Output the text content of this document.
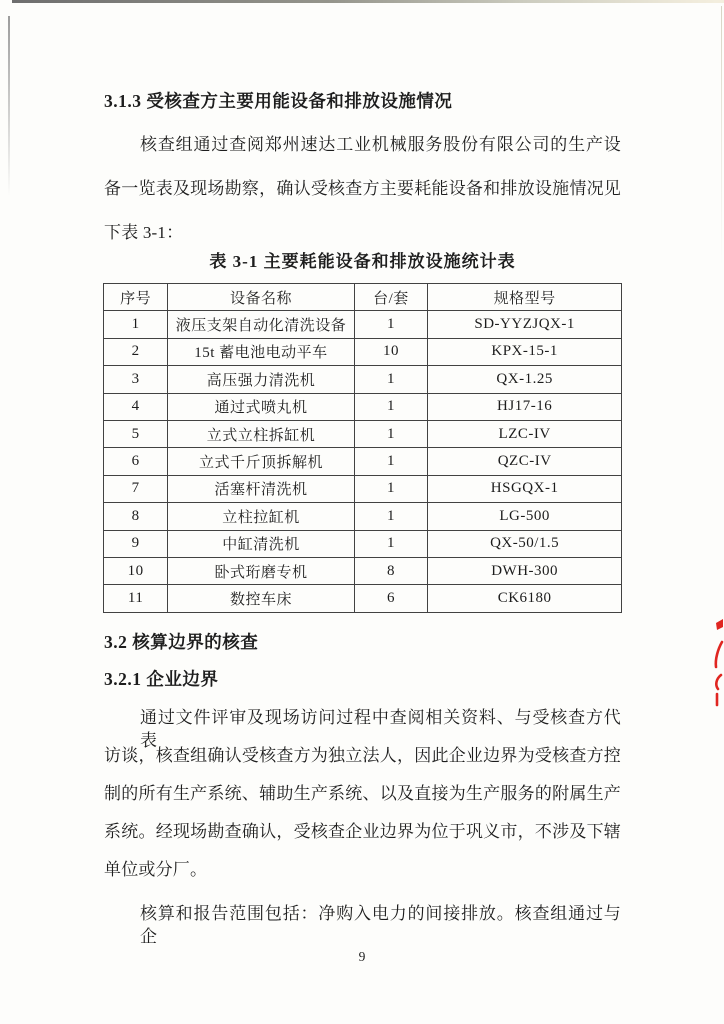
3.1.3 受核查方主要用能设备和排放设施情况
核查组通过查阅郑州速达工业机械服务股份有限公司的生产设
备一览表及现场勘察，确认受核查方主要耗能设备和排放设施情况见
下表 3-1：
表 3-1 主要耗能设备和排放设施统计表
序号	设备名称	台/套	规格型号
1	液压支架自动化清洗设备	1	SD-YYZJQX-1
2	15t 蓄电池电动平车	10	KPX-15-1
3	高压强力清洗机	1	QX-1.25
4	通过式喷丸机	1	HJ17-16
5	立式立柱拆缸机	1	LZC-IV
6	立式千斤顶拆解机	1	QZC-IV
7	活塞杆清洗机	1	HSGQX-1
8	立柱拉缸机	1	LG-500
9	中缸清洗机	1	QX-50/1.5
10	卧式珩磨专机	8	DWH-300
11	数控车床	6	CK6180
3.2 核算边界的核查
3.2.1 企业边界
通过文件评审及现场访问过程中查阅相关资料、与受核查方代表
访谈，核查组确认受核查方为独立法人，因此企业边界为受核查方控
制的所有生产系统、辅助生产系统、以及直接为生产服务的附属生产
系统。经现场勘查确认，受核查企业边界为位于巩义市，不涉及下辖
单位或分厂。
核算和报告范围包括：净购入电力的间接排放。核查组通过与企
9
